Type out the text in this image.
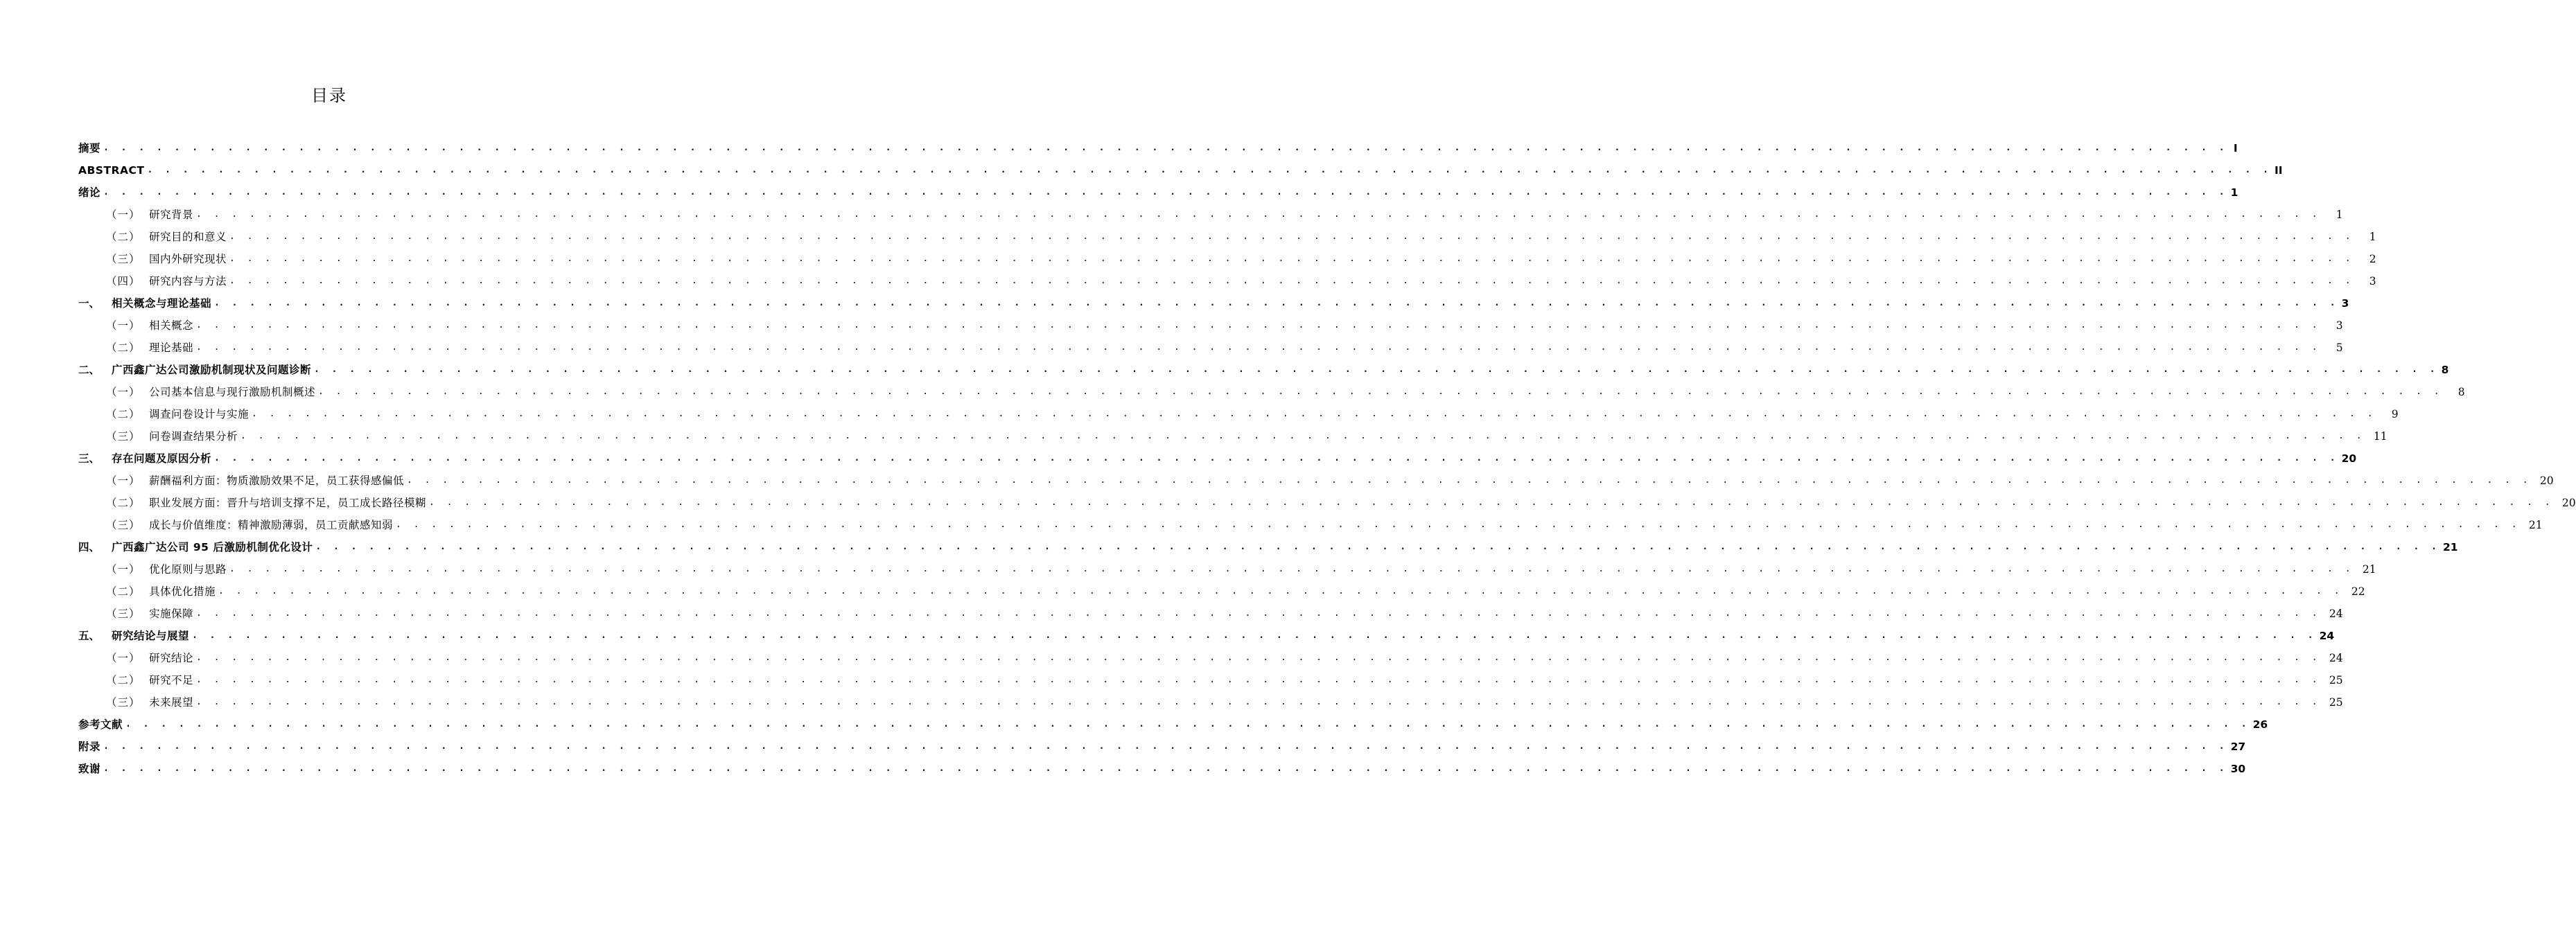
目录
摘要 . . . . . . . . . . . . . . . . . . . . . . . . . . . . . . . . . . . . . . . . . . . . . . . . . . . . . . . . . . . . . . . . . . . . . . . . . . . . . . . . . . . . . . . . . . . . . . . . . . . . . . . . . . . . . . . . . . . . . . . . I
ABSTRACT . . . . . . . . . . . . . . . . . . . . . . . . . . . . . . . . . . . . . . . . . . . . . . . . . . . . . . . . . . . . . . . . . . . . . . . . . . . . . . . . . . . . . . . . . . . . . . . . . . . . . . . . . . . . . . . . . . . . . . . . II
绪论 . . . . . . . . . . . . . . . . . . . . . . . . . . . . . . . . . . . . . . . . . . . . . . . . . . . . . . . . . . . . . . . . . . . . . . . . . . . . . . . . . . . . . . . . . . . . . . . . . . . . . . . . . . . . . . . . . . . . . . . . 1
（一） 研究背景 . . . . . . . . . . . . . . . . . . . . . . . . . . . . . . . . . . . . . . . . . . . . . . . . . . . . . . . . . . . . . . . . . . . . . . . . . . . . . . . . . . . . . . . . . . . . . . . . . . . . . . . . . . . . . . . . . . . . . . . .	1
（二） 研究目的和意义 . . . . . . . . . . . . . . . . . . . . . . . . . . . . . . . . . . . . . . . . . . . . . . . . . . . . . . . . . . . . . . . . . . . . . . . . . . . . . . . . . . . . . . . . . . . . . . . . . . . . . . . . . . . . . . . . . . . . . . . .	1
（三） 国内外研究现状 . . . . . . . . . . . . . . . . . . . . . . . . . . . . . . . . . . . . . . . . . . . . . . . . . . . . . . . . . . . . . . . . . . . . . . . . . . . . . . . . . . . . . . . . . . . . . . . . . . . . . . . . . . . . . . . . . . . . . . . .	2
（四） 研究内容与方法 . . . . . . . . . . . . . . . . . . . . . . . . . . . . . . . . . . . . . . . . . . . . . . . . . . . . . . . . . . . . . . . . . . . . . . . . . . . . . . . . . . . . . . . . . . . . . . . . . . . . . . . . . . . . . . . . . . . . . . . .	3
一、	相关概念与理论基础 . . . . . . . . . . . . . . . . . . . . . . . . . . . . . . . . . . . . . . . . . . . . . . . . . . . . . . . . . . . . . . . . . . . . . . . . . . . . . . . . . . . . . . . . . . . . . . . . . . . . . . . . . . . . . . . . . . . . . . . . 3
（一） 相关概念 . . . . . . . . . . . . . . . . . . . . . . . . . . . . . . . . . . . . . . . . . . . . . . . . . . . . . . . . . . . . . . . . . . . . . . . . . . . . . . . . . . . . . . . . . . . . . . . . . . . . . . . . . . . . . . . . . . . . . . . .	3
（二） 理论基础 . . . . . . . . . . . . . . . . . . . . . . . . . . . . . . . . . . . . . . . . . . . . . . . . . . . . . . . . . . . . . . . . . . . . . . . . . . . . . . . . . . . . . . . . . . . . . . . . . . . . . . . . . . . . . . . . . . . . . . . .	5
二、	广西鑫广达公司激励机制现状及问题诊断 . . . . . . . . . . . . . . . . . . . . . . . . . . . . . . . . . . . . . . . . . . . . . . . . . . . . . . . . . . . . . . . . . . . . . . . . . . . . . . . . . . . . . . . . . . . . . . . . . . . . . . . . . . . . . . . . . . . . . . . . 8
（一） 公司基本信息与现行激励机制概述 . . . . . . . . . . . . . . . . . . . . . . . . . . . . . . . . . . . . . . . . . . . . . . . . . . . . . . . . . . . . . . . . . . . . . . . . . . . . . . . . . . . . . . . . . . . . . . . . . . . . . . . . . . . . . . . . . . . . . . . .	8
（二） 调查问卷设计与实施 . . . . . . . . . . . . . . . . . . . . . . . . . . . . . . . . . . . . . . . . . . . . . . . . . . . . . . . . . . . . . . . . . . . . . . . . . . . . . . . . . . . . . . . . . . . . . . . . . . . . . . . . . . . . . . . . . . . . . . . .	9
（三） 问卷调查结果分析 . . . . . . . . . . . . . . . . . . . . . . . . . . . . . . . . . . . . . . . . . . . . . . . . . . . . . . . . . . . . . . . . . . . . . . . . . . . . . . . . . . . . . . . . . . . . . . . . . . . . . . . . . . . . . . . . . . . . . . . . 11
三、	存在问题及原因分析 . . . . . . . . . . . . . . . . . . . . . . . . . . . . . . . . . . . . . . . . . . . . . . . . . . . . . . . . . . . . . . . . . . . . . . . . . . . . . . . . . . . . . . . . . . . . . . . . . . . . . . . . . . . . . . . . . . . . . . . . 20
（一） 薪酬福利方面：物质激励效果不足，员工获得感偏低 . . . . . . . . . . . . . . . . . . . . . . . . . . . . . . . . . . . . . . . . . . . . . . . . . . . . . . . . . . . . . . . . . . . . . . . . . . . . . . . . . . . . . . . . . . . . . . . . . . . . . . . . . . . . . . . . . . . . . . . . 20
（二） 职业发展方面：晋升与培训支撑不足，员工成长路径模糊 . . . . . . . . . . . . . . . . . . . . . . . . . . . . . . . . . . . . . . . . . . . . . . . . . . . . . . . . . . . . . . . . . . . . . . . . . . . . . . . . . . . . . . . . . . . . . . . . . . . . . . . . . . . . . . . . . . . . . . . . 20
（三） 成长与价值维度：精神激励薄弱，员工贡献感知弱 . . . . . . . . . . . . . . . . . . . . . . . . . . . . . . . . . . . . . . . . . . . . . . . . . . . . . . . . . . . . . . . . . . . . . . . . . . . . . . . . . . . . . . . . . . . . . . . . . . . . . . . . . . . . . . . . . . . . . . . . 21
四、	广西鑫广达公司 95 后激励机制优化设计 . . . . . . . . . . . . . . . . . . . . . . . . . . . . . . . . . . . . . . . . . . . . . . . . . . . . . . . . . . . . . . . . . . . . . . . . . . . . . . . . . . . . . . . . . . . . . . . . . . . . . . . . . . . . . . . . . . . . . . . . 21
（一） 优化原则与思路 . . . . . . . . . . . . . . . . . . . . . . . . . . . . . . . . . . . . . . . . . . . . . . . . . . . . . . . . . . . . . . . . . . . . . . . . . . . . . . . . . . . . . . . . . . . . . . . . . . . . . . . . . . . . . . . . . . . . . . . . 21
（二） 具体优化措施 . . . . . . . . . . . . . . . . . . . . . . . . . . . . . . . . . . . . . . . . . . . . . . . . . . . . . . . . . . . . . . . . . . . . . . . . . . . . . . . . . . . . . . . . . . . . . . . . . . . . . . . . . . . . . . . . . . . . . . . . 22
（三） 实施保障 . . . . . . . . . . . . . . . . . . . . . . . . . . . . . . . . . . . . . . . . . . . . . . . . . . . . . . . . . . . . . . . . . . . . . . . . . . . . . . . . . . . . . . . . . . . . . . . . . . . . . . . . . . . . . . . . . . . . . . . . 24
五、	研究结论与展望 . . . . . . . . . . . . . . . . . . . . . . . . . . . . . . . . . . . . . . . . . . . . . . . . . . . . . . . . . . . . . . . . . . . . . . . . . . . . . . . . . . . . . . . . . . . . . . . . . . . . . . . . . . . . . . . . . . . . . . . . 24
（一） 研究结论 . . . . . . . . . . . . . . . . . . . . . . . . . . . . . . . . . . . . . . . . . . . . . . . . . . . . . . . . . . . . . . . . . . . . . . . . . . . . . . . . . . . . . . . . . . . . . . . . . . . . . . . . . . . . . . . . . . . . . . . . 24
（二） 研究不足 . . . . . . . . . . . . . . . . . . . . . . . . . . . . . . . . . . . . . . . . . . . . . . . . . . . . . . . . . . . . . . . . . . . . . . . . . . . . . . . . . . . . . . . . . . . . . . . . . . . . . . . . . . . . . . . . . . . . . . . . 25
（三） 未来展望 . . . . . . . . . . . . . . . . . . . . . . . . . . . . . . . . . . . . . . . . . . . . . . . . . . . . . . . . . . . . . . . . . . . . . . . . . . . . . . . . . . . . . . . . . . . . . . . . . . . . . . . . . . . . . . . . . . . . . . . . 25
参考文献 . . . . . . . . . . . . . . . . . . . . . . . . . . . . . . . . . . . . . . . . . . . . . . . . . . . . . . . . . . . . . . . . . . . . . . . . . . . . . . . . . . . . . . . . . . . . . . . . . . . . . . . . . . . . . . . . . . . . . . . . 26
附录 . . . . . . . . . . . . . . . . . . . . . . . . . . . . . . . . . . . . . . . . . . . . . . . . . . . . . . . . . . . . . . . . . . . . . . . . . . . . . . . . . . . . . . . . . . . . . . . . . . . . . . . . . . . . . . . . . . . . . . . . 27
致谢 . . . . . . . . . . . . . . . . . . . . . . . . . . . . . . . . . . . . . . . . . . . . . . . . . . . . . . . . . . . . . . . . . . . . . . . . . . . . . . . . . . . . . . . . . . . . . . . . . . . . . . . . . . . . . . . . . . . . . . . . 30
